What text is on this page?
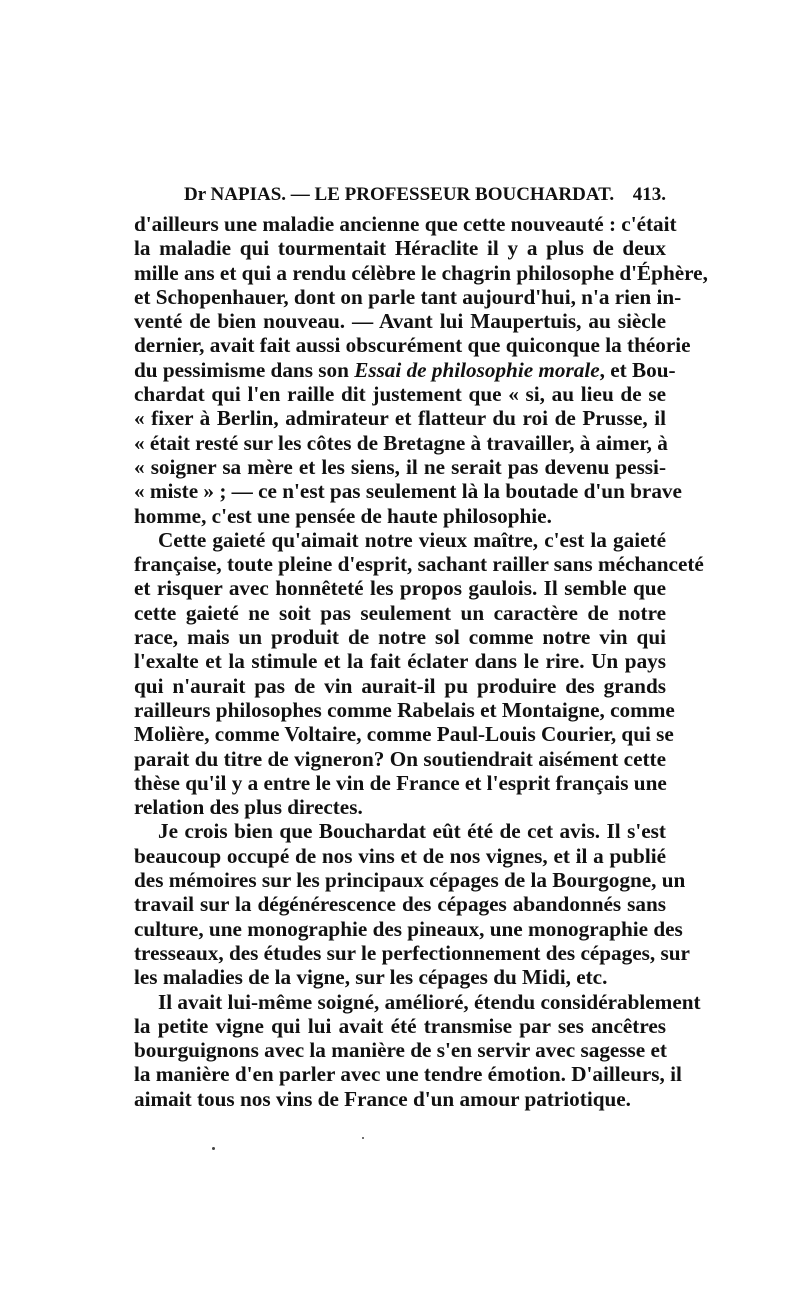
Dr NAPIAS. — LE PROFESSEUR BOUCHARDAT. 413.
d'ailleurs une maladie ancienne que cette nouveauté : c'était
la maladie qui tourmentait Héraclite il y a plus de deux
mille ans et qui a rendu célèbre le chagrin philosophe d'Éphère,
et Schopenhauer, dont on parle tant aujourd'hui, n'a rien in-
venté de bien nouveau. — Avant lui Maupertuis, au siècle
dernier, avait fait aussi obscurément que quiconque la théorie
du pessimisme dans son Essai de philosophie morale, et Bou-
chardat qui l'en raille dit justement que « si, au lieu de se
« fixer à Berlin, admirateur et flatteur du roi de Prusse, il
« était resté sur les côtes de Bretagne à travailler, à aimer, à
« soigner sa mère et les siens, il ne serait pas devenu pessi-
« miste » ; — ce n'est pas seulement là la boutade d'un brave
homme, c'est une pensée de haute philosophie.
Cette gaieté qu'aimait notre vieux maître, c'est la gaieté
française, toute pleine d'esprit, sachant railler sans méchanceté
et risquer avec honnêteté les propos gaulois. Il semble que
cette gaieté ne soit pas seulement un caractère de notre
race, mais un produit de notre sol comme notre vin qui
l'exalte et la stimule et la fait éclater dans le rire. Un pays
qui n'aurait pas de vin aurait-il pu produire des grands
railleurs philosophes comme Rabelais et Montaigne, comme
Molière, comme Voltaire, comme Paul-Louis Courier, qui se
parait du titre de vigneron? On soutiendrait aisément cette
thèse qu'il y a entre le vin de France et l'esprit français une
relation des plus directes.
Je crois bien que Bouchardat eût été de cet avis. Il s'est
beaucoup occupé de nos vins et de nos vignes, et il a publié
des mémoires sur les principaux cépages de la Bourgogne, un
travail sur la dégénérescence des cépages abandonnés sans
culture, une monographie des pineaux, une monographie des
tresseaux, des études sur le perfectionnement des cépages, sur
les maladies de la vigne, sur les cépages du Midi, etc.
Il avait lui-même soigné, amélioré, étendu considérablement
la petite vigne qui lui avait été transmise par ses ancêtres
bourguignons avec la manière de s'en servir avec sagesse et
la manière d'en parler avec une tendre émotion. D'ailleurs, il
aimait tous nos vins de France d'un amour patriotique.
